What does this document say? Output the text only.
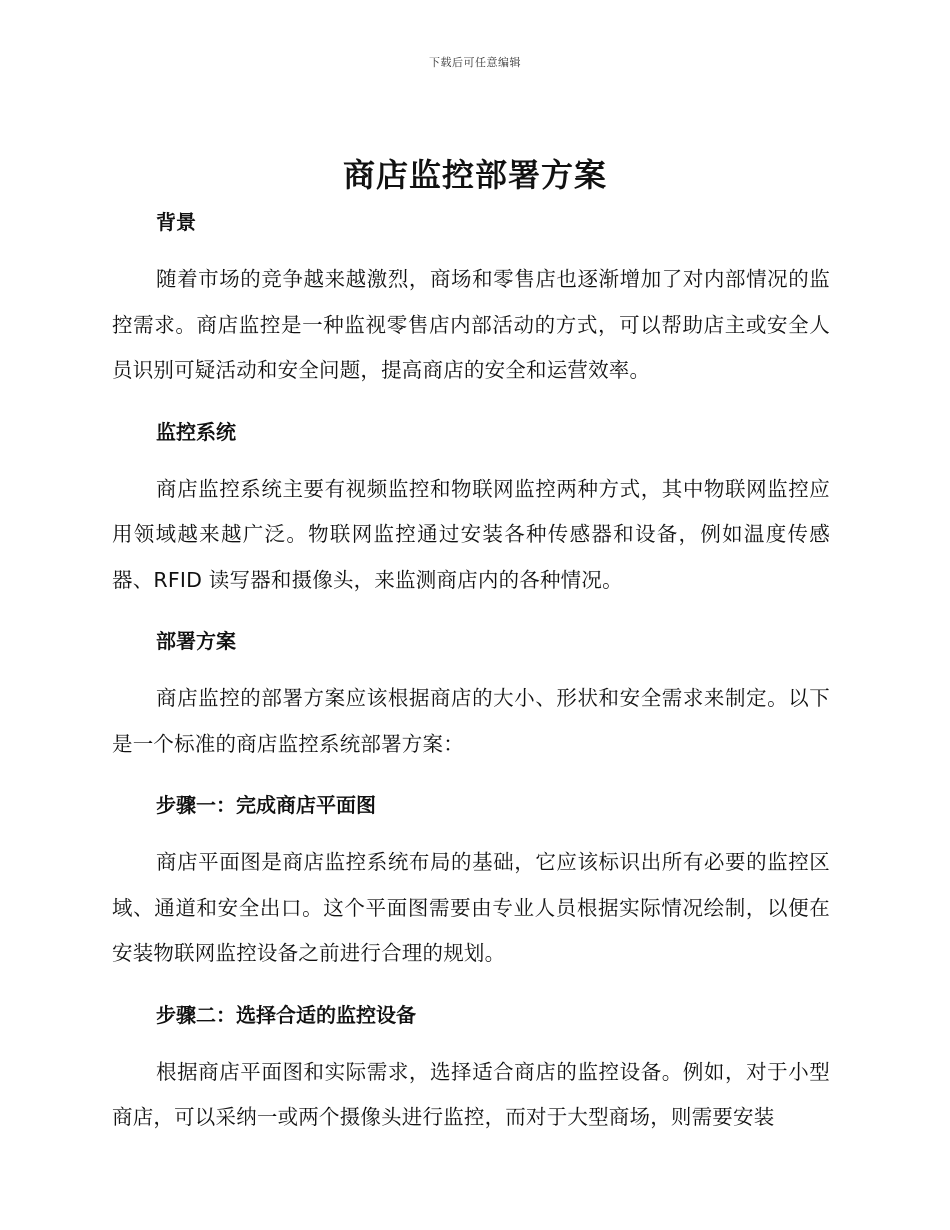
下载后可任意编辑
商店监控部署方案
背景

随着市场的竞争越来越激烈，商场和零售店也逐渐增加了对内部情况的监控需求。商店监控是一种监视零售店内部活动的方式，可以帮助店主或安全人员识别可疑活动和安全问题，提高商店的安全和运营效率。

监控系统

商店监控系统主要有视频监控和物联网监控两种方式，其中物联网监控应用领域越来越广泛。物联网监控通过安装各种传感器和设备，例如温度传感器、RFID 读写器和摄像头，来监测商店内的各种情况。

部署方案

商店监控的部署方案应该根据商店的大小、形状和安全需求来制定。以下是一个标准的商店监控系统部署方案：

步骤一：完成商店平面图

商店平面图是商店监控系统布局的基础，它应该标识出所有必要的监控区域、通道和安全出口。这个平面图需要由专业人员根据实际情况绘制，以便在安装物联网监控设备之前进行合理的规划。

步骤二：选择合适的监控设备

根据商店平面图和实际需求，选择适合商店的监控设备。例如，对于小型商店，可以采纳一或两个摄像头进行监控，而对于大型商场，则需要安装
